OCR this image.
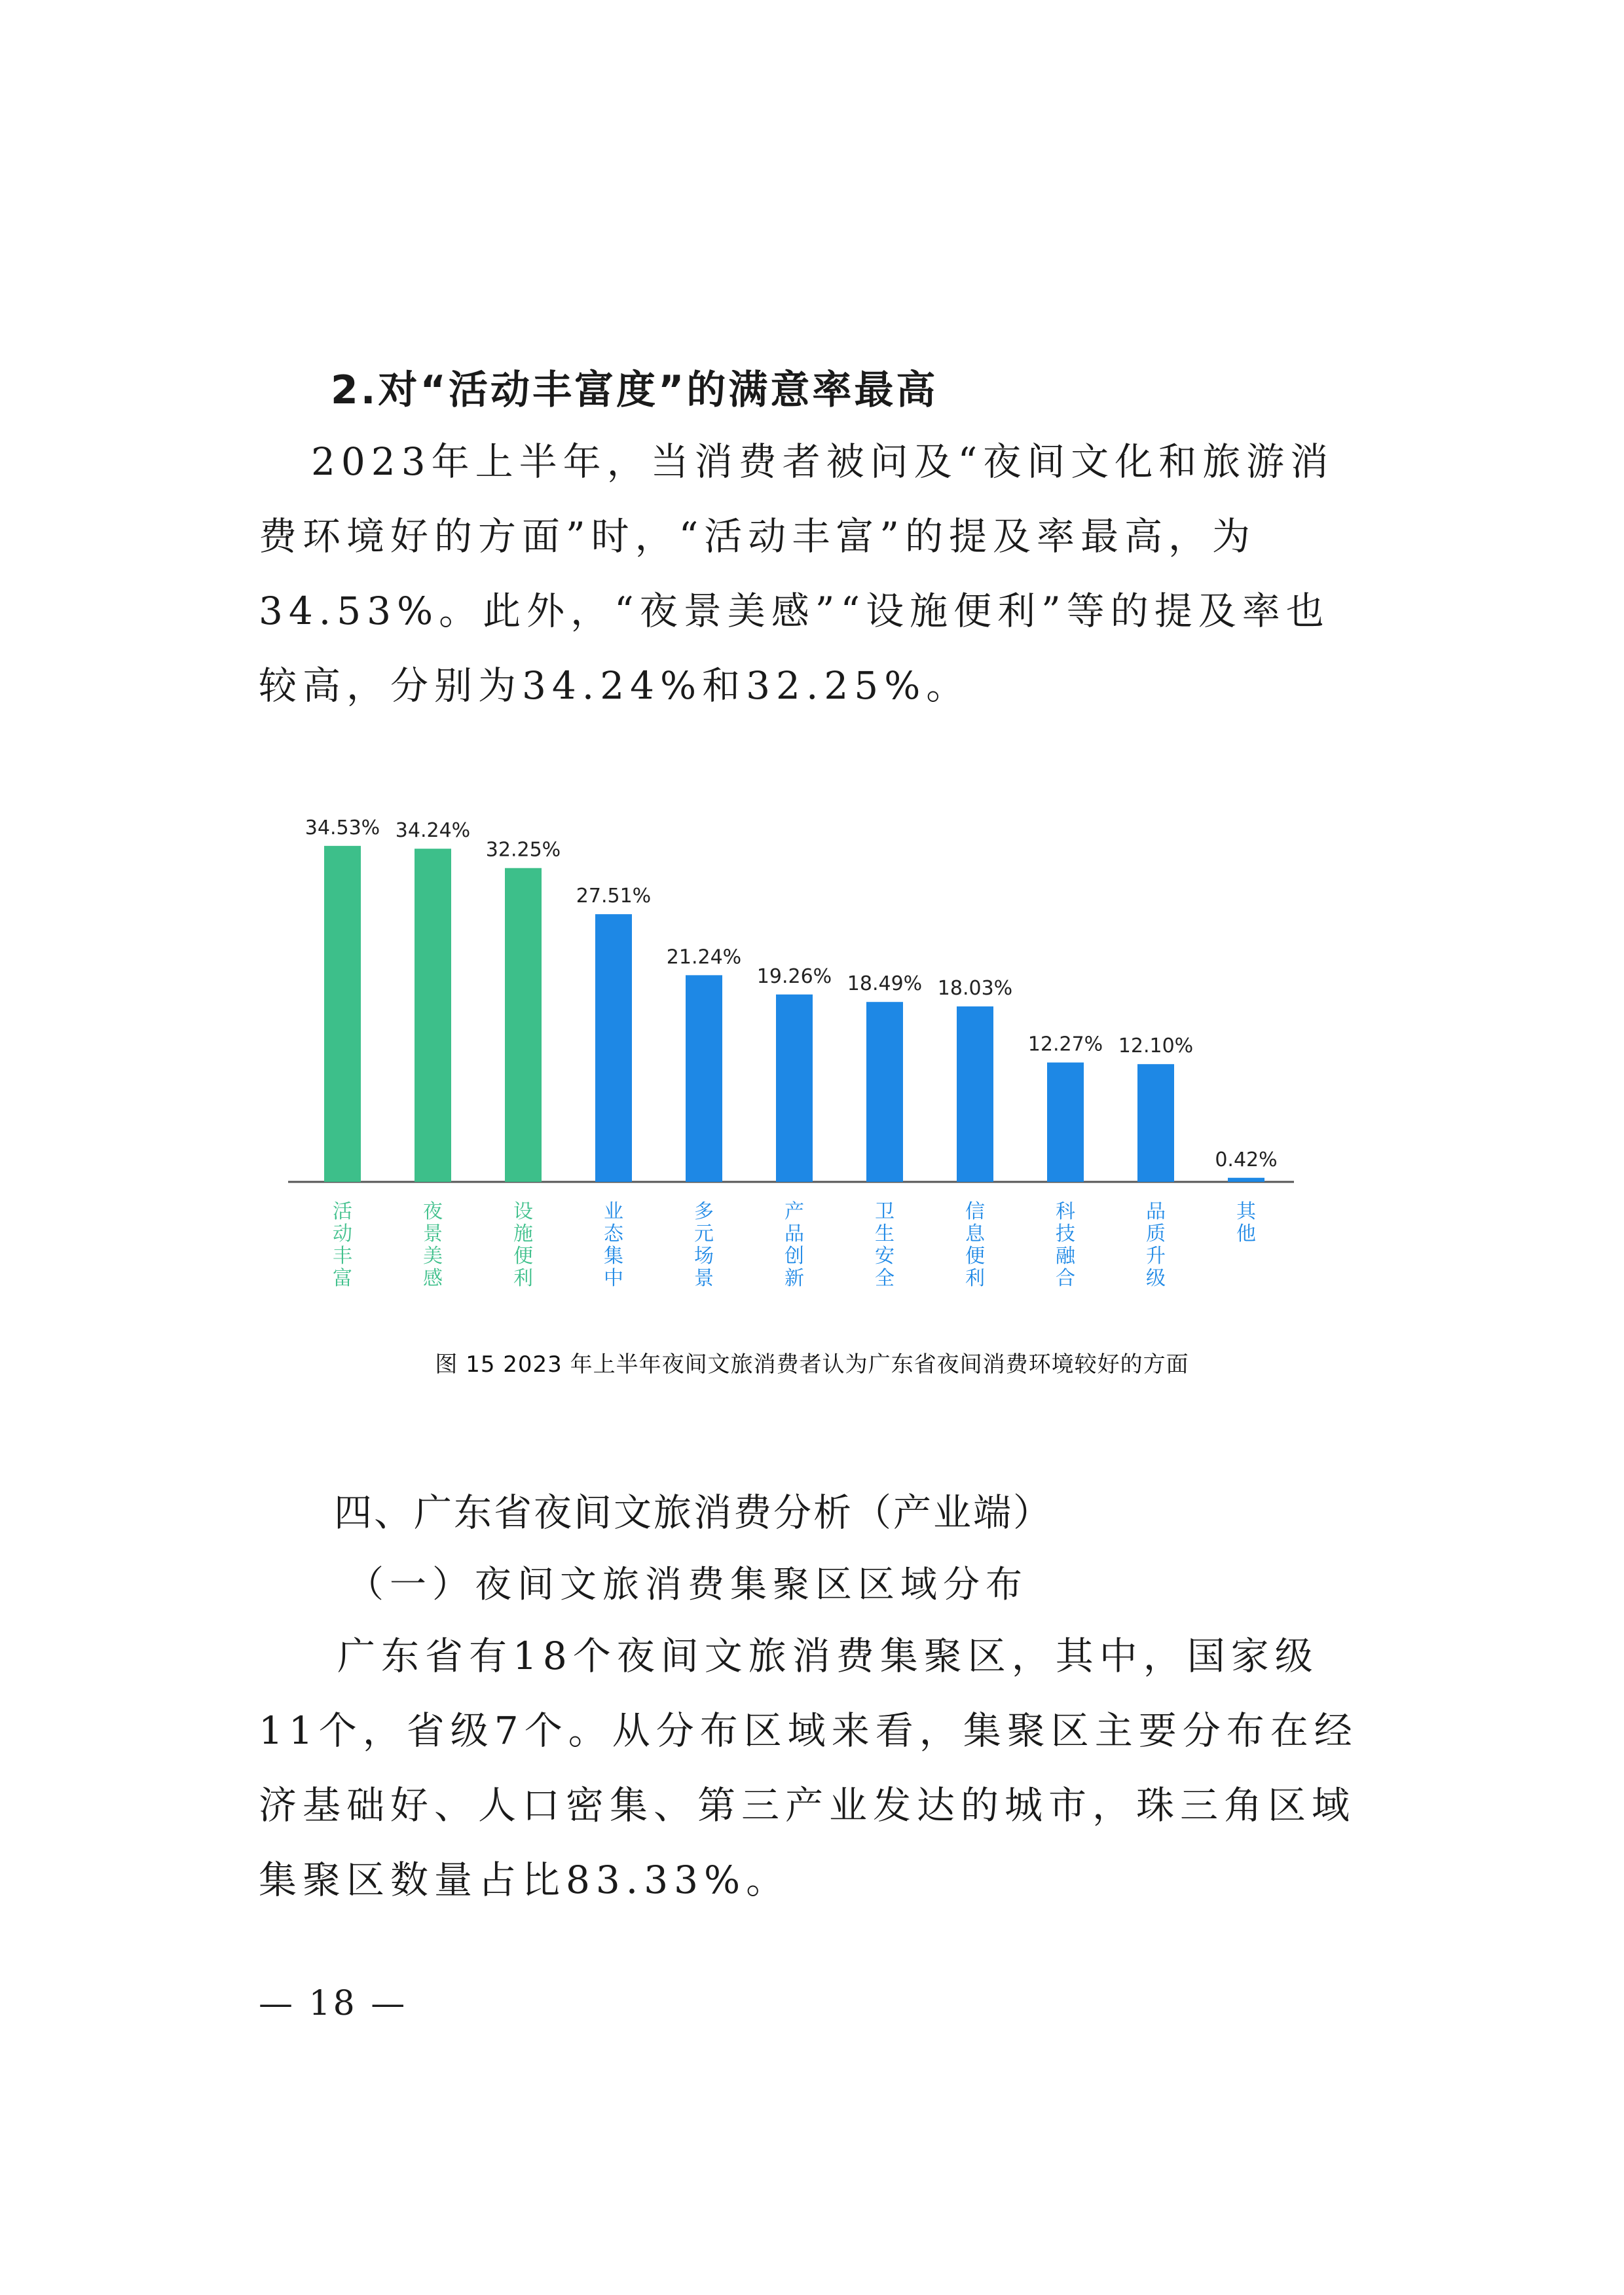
2.对“活动丰富度”的满意率最高

2023年上半年，当消费者被问及“夜间文化和旅游消费环境好的方面”时，“活动丰富”的提及率最高，为34.53%。此外，“夜景美感”“设施便利”等的提及率也较高，分别为34.24%和32.25%。

34.53%
活
动
丰
富
34.24%
夜
景
美
感
32.25%
设
施
便
利
27.51%
业
态
集
中
21.24%
多
元
场
景
19.26%
产
品
创
新
18.49%
卫
生
安
全
18.03%
信
息
便
利
12.27%
科
技
融
合
12.10%
品
质
升
级
0.42%
其
他
图 15 2023 年上半年夜间文旅消费者认为广东省夜间消费环境较好的方面
四、广东省夜间文旅消费分析（产业端）
（一）夜间文旅消费集聚区区域分布

广东省有18个夜间文旅消费集聚区，其中，国家级11个，省级7个。从分布区域来看，集聚区主要分布在经济基础好、人口密集、第三产业发达的城市，珠三角区域集聚区数量占比83.33%。

— 18 —
